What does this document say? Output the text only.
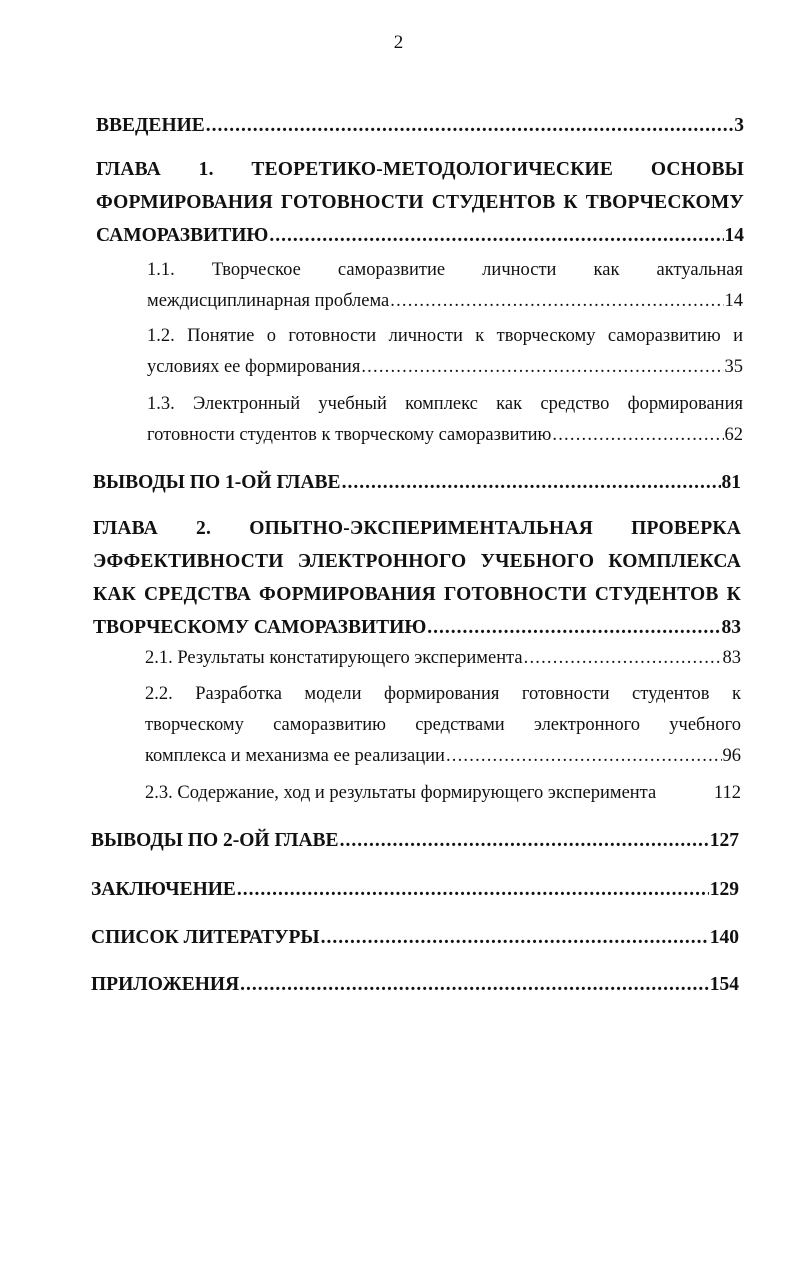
2
ВВЕДЕНИЕ .....	3
ГЛАВА 1. ТЕОРЕТИКО-МЕТОДОЛОГИЧЕСКИЕ ОСНОВЫ
ФОРМИРОВАНИЯ ГОТОВНОСТИ СТУДЕНТОВ К ТВОРЧЕСКОМУ
САМОРАЗВИТИЮ .....	14
1.1. Творческое саморазвитие личности как актуальная
междисциплинарная проблема .....	14
1.2. Понятие о готовности личности к творческому саморазвитию и
условиях ее формирования .....	35
1.3. Электронный учебный комплекс как средство формирования
готовности студентов к творческому саморазвитию .....	62
ВЫВОДЫ ПО 1-ОЙ ГЛАВЕ .....	81
ГЛАВА 2. ОПЫТНО-ЭКСПЕРИМЕНТАЛЬНАЯ ПРОВЕРКА
ЭФФЕКТИВНОСТИ ЭЛЕКТРОННОГО УЧЕБНОГО КОМПЛЕКСА
КАК СРЕДСТВА ФОРМИРОВАНИЯ ГОТОВНОСТИ СТУДЕНТОВ К
ТВОРЧЕСКОМУ САМОРАЗВИТИЮ .....	83
2.1. Результаты констатирующего эксперимента .....	83
2.2. Разработка модели формирования готовности студентов к
творческому саморазвитию средствами электронного учебного
комплекса и механизма ее реализации .....	96
2.3. Содержание, ход и результаты формирующего эксперимента	112
ВЫВОДЫ ПО 2-ОЙ ГЛАВЕ .....	127
ЗАКЛЮЧЕНИЕ .....	129
СПИСОК ЛИТЕРАТУРЫ .....	140
ПРИЛОЖЕНИЯ .....	154
